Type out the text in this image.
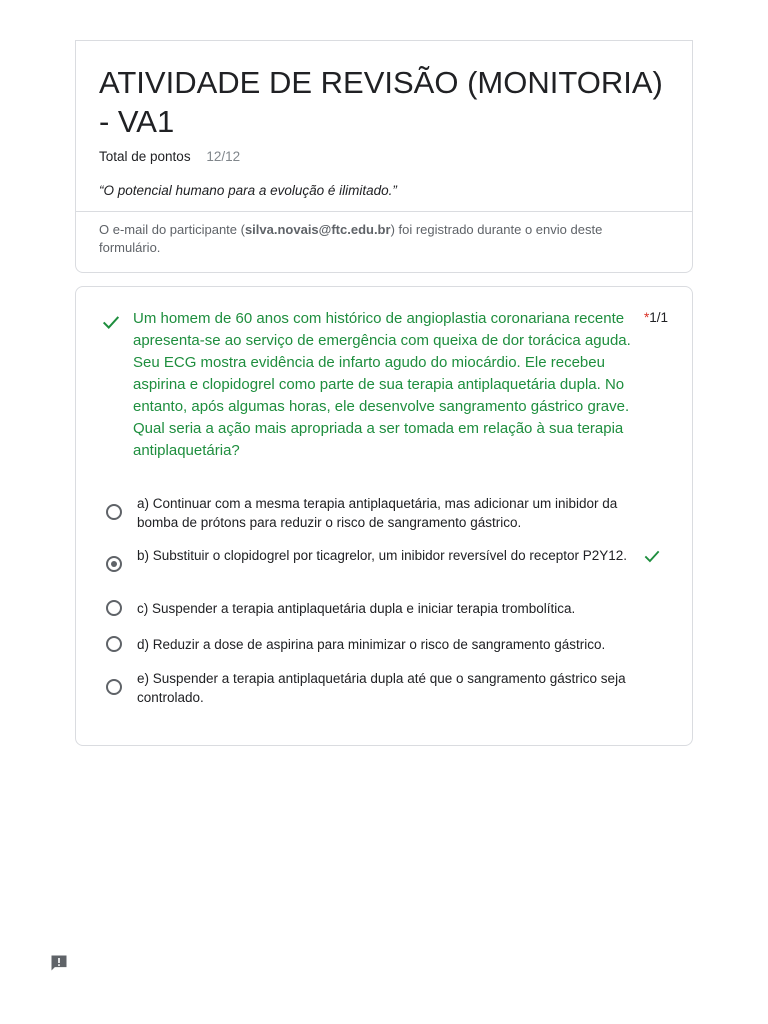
ATIVIDADE DE REVISÃO (MONITORIA) - VA1
Total de pontos 12/12
“O potencial humano para a evolução é ilimitado.”
O e-mail do participante (silva.novais@ftc.edu.br) foi registrado durante o envio deste formulário.
Um homem de 60 anos com histórico de angioplastia coronariana recente apresenta-se ao serviço de emergência com queixa de dor torácica aguda. Seu ECG mostra evidência de infarto agudo do miocárdio. Ele recebeu aspirina e clopidogrel como parte de sua terapia antiplaquetária dupla. No entanto, após algumas horas, ele desenvolve sangramento gástrico grave. Qual seria a ação mais apropriada a ser tomada em relação à sua terapia antiplaquetária?
*1/1
a) Continuar com a mesma terapia antiplaquetária, mas adicionar um inibidor da bomba de prótons para reduzir o risco de sangramento gástrico.
b) Substituir o clopidogrel por ticagrelor, um inibidor reversível do receptor P2Y12.
c) Suspender a terapia antiplaquetária dupla e iniciar terapia trombolítica.
d) Reduzir a dose de aspirina para minimizar o risco de sangramento gástrico.
e) Suspender a terapia antiplaquetária dupla até que o sangramento gástrico seja controlado.
